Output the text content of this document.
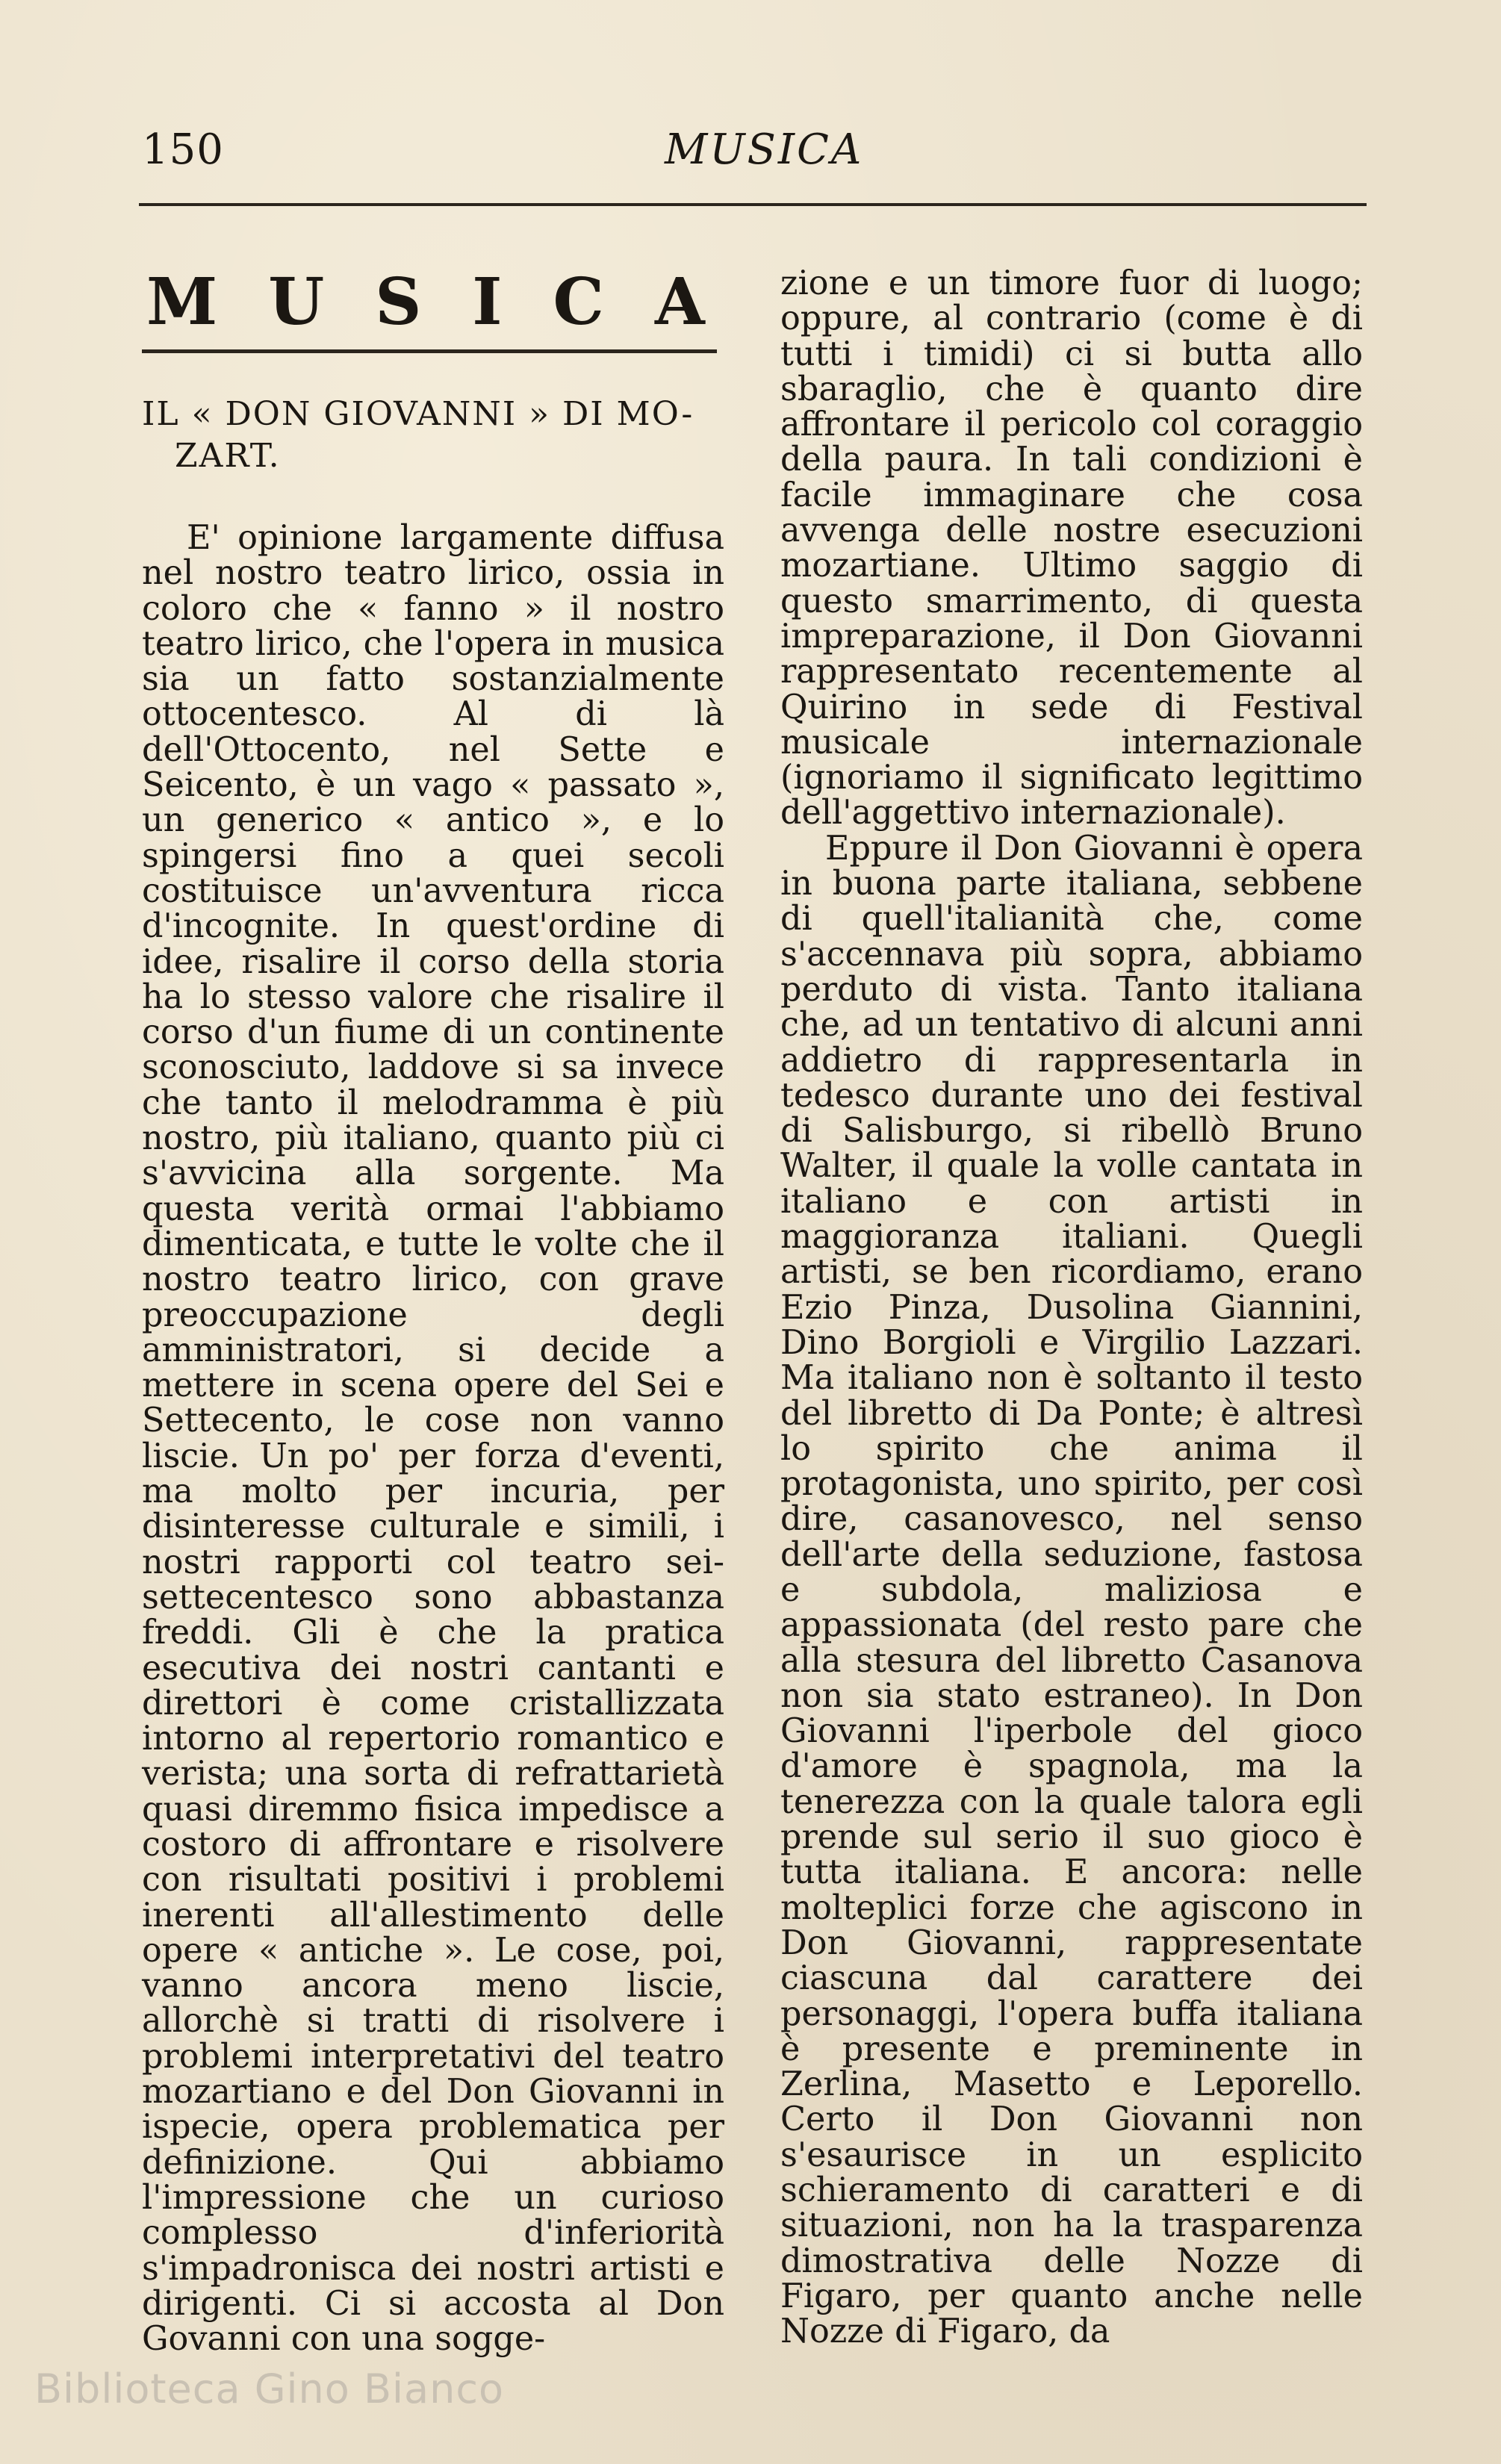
150	MUSICA
MUSICA
IL « DON GIOVANNI » DI MO-
ZART.

E' opinione largamente diffusa nel nostro teatro lirico, ossia in coloro che « fanno » il nostro teatro lirico, che l'opera in musica sia un fatto sostanzialmente ottocentesco. Al di là dell'Ottocento, nel Sette e Seicento, è un vago « passato », un generico « antico », e lo spingersi fino a quei secoli costituisce un'avventura ricca d'incognite. In quest'ordine di idee, risalire il corso della storia ha lo stesso valore che risalire il corso d'un fiume di un continente sconosciuto, laddove si sa invece che tanto il melodramma è più nostro, più italiano, quanto più ci s'avvicina alla sorgente. Ma questa verità ormai l'abbiamo dimenticata, e tutte le volte che il nostro teatro lirico, con grave preoccupazione degli amministratori, si decide a mettere in scena opere del Sei e Settecento, le cose non vanno liscie. Un po' per forza d'eventi, ma molto per incuria, per disinteresse culturale e simili, i nostri rapporti col teatro sei-settecentesco sono abbastanza freddi. Gli è che la pratica esecutiva dei nostri cantanti e direttori è come cristallizzata intorno al repertorio romantico e verista; una sorta di refrattarietà quasi diremmo fisica impedisce a costoro di affrontare e risolvere con risultati positivi i problemi inerenti all'allestimento delle opere « antiche ». Le cose, poi, vanno ancora meno liscie, allorchè si tratti di risolvere i problemi interpretativi del teatro mozartiano e del Don Giovanni in ispecie, opera problematica per definizione. Qui abbiamo l'impressione che un curioso complesso d'inferiorità s'impadronisca dei nostri artisti e dirigenti. Ci si accosta al Don Govanni con una sogge-

zione e un timore fuor di luogo; oppure, al contrario (come è di tutti i timidi) ci si butta allo sbaraglio, che è quanto dire affrontare il pericolo col coraggio della paura. In tali condizioni è facile immaginare che cosa avvenga delle nostre esecuzioni mozartiane. Ultimo saggio di questo smarrimento, di questa impreparazione, il Don Giovanni rappresentato recentemente al Quirino in sede di Festival musicale internazionale (ignoriamo il significato legittimo dell'aggettivo internazionale).

Eppure il Don Giovanni è opera in buona parte italiana, sebbene di quell'italianità che, come s'accennava più sopra, abbiamo perduto di vista. Tanto italiana che, ad un tentativo di alcuni anni addietro di rappresentarla in tedesco durante uno dei festival di Salisburgo, si ribellò Bruno Walter, il quale la volle cantata in italiano e con artisti in maggioranza italiani. Quegli artisti, se ben ricordiamo, erano Ezio Pinza, Dusolina Giannini, Dino Borgioli e Virgilio Lazzari. Ma italiano non è soltanto il testo del libretto di Da Ponte; è altresì lo spirito che anima il protagonista, uno spirito, per così dire, casanovesco, nel senso dell'arte della seduzione, fastosa e subdola, maliziosa e appassionata (del resto pare che alla stesura del libretto Casanova non sia stato estraneo). In Don Giovanni l'iperbole del gioco d'amore è spagnola, ma la tenerezza con la quale talora egli prende sul serio il suo gioco è tutta italiana. E ancora: nelle molteplici forze che agiscono in Don Giovanni, rappresentate ciascuna dal carattere dei personaggi, l'opera buffa italiana è presente e preminente in Zerlina, Masetto e Leporello. Certo il Don Giovanni non s'esaurisce in un esplicito schieramento di caratteri e di situazioni, non ha la trasparenza dimostrativa delle Nozze di Figaro, per quanto anche nelle Nozze di Figaro, da

Biblioteca Gino Bianco
